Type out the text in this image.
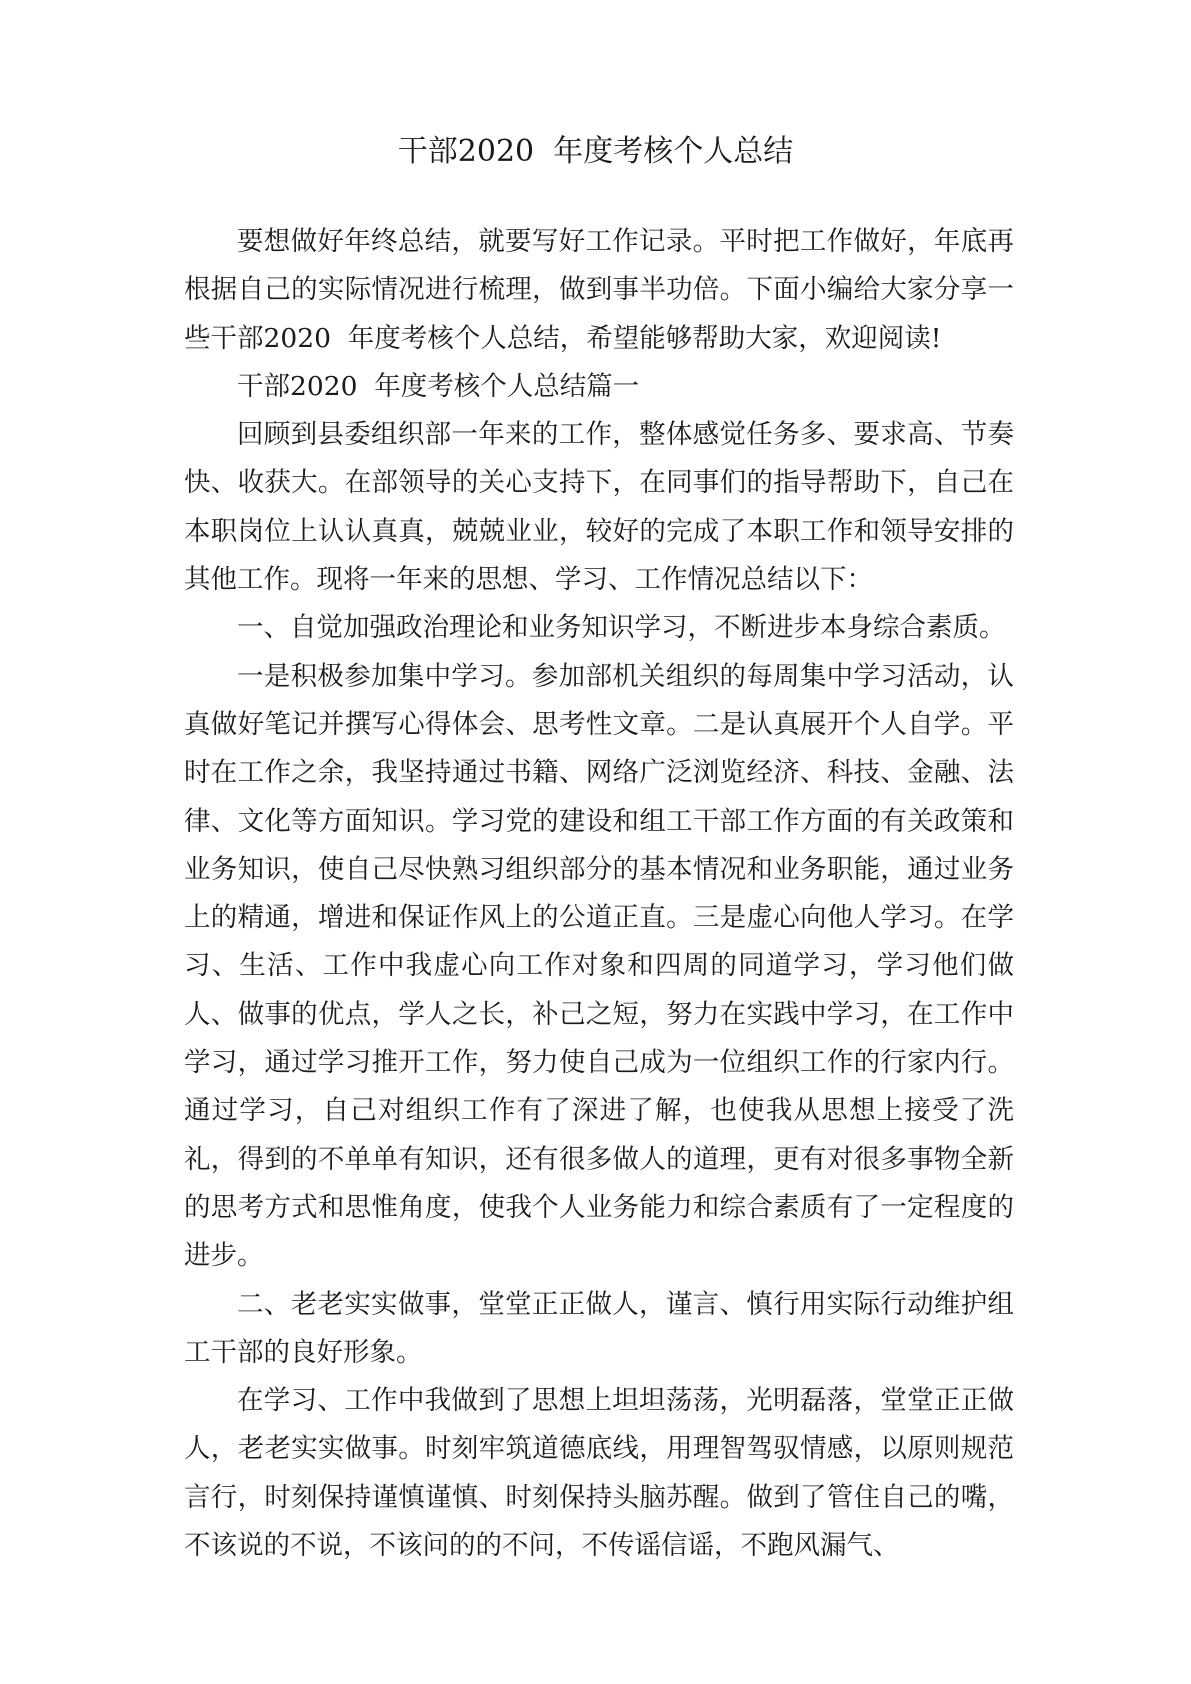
干部2020  年度考核个人总结

要想做好年终总结，就要写好工作记录。平时把工作做好，年底再根据自己的实际情况进行梳理，做到事半功倍。下面小编给大家分享一些干部2020  年度考核个人总结，希望能够帮助大家，欢迎阅读!

干部2020  年度考核个人总结篇一

回顾到县委组织部一年来的工作，整体感觉任务多、要求高、节奏快、收获大。在部领导的关心支持下，在同事们的指导帮助下，自己在本职岗位上认认真真，兢兢业业，较好的完成了本职工作和领导安排的其他工作。现将一年来的思想、学习、工作情况总结以下：

一、自觉加强政治理论和业务知识学习，不断进步本身综合素质。

一是积极参加集中学习。参加部机关组织的每周集中学习活动，认真做好笔记并撰写心得体会、思考性文章。二是认真展开个人自学。平时在工作之余，我坚持通过书籍、网络广泛浏览经济、科技、金融、法律、文化等方面知识。学习党的建设和组工干部工作方面的有关政策和业务知识，使自己尽快熟习组织部分的基本情况和业务职能，通过业务上的精通，增进和保证作风上的公道正直。三是虚心向他人学习。在学习、生活、工作中我虚心向工作对象和四周的同道学习，学习他们做人、做事的优点，学人之长，补己之短，努力在实践中学习，在工作中学习，通过学习推开工作，努力使自己成为一位组织工作的行家内行。通过学习，自己对组织工作有了深进了解，也使我从思想上接受了洗礼，得到的不单单有知识，还有很多做人的道理，更有对很多事物全新的思考方式和思惟角度，使我个人业务能力和综合素质有了一定程度的进步。

二、老老实实做事，堂堂正正做人，谨言、慎行用实际行动维护组工干部的良好形象。

在学习、工作中我做到了思想上坦坦荡荡，光明磊落，堂堂正正做人，老老实实做事。时刻牢筑道德底线，用理智驾驭情感，以原则规范言行，时刻保持谨慎谨慎、时刻保持头脑苏醒。做到了管住自己的嘴，不该说的不说，不该问的的不问，不传谣信谣，不跑风漏气、
